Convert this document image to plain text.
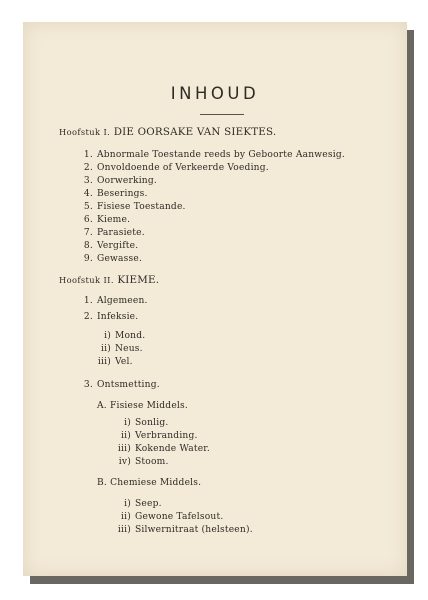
INHOUD
Hoofstuk I. DIE OORSAKE VAN SIEKTES.
1. Abnormale Toestande reeds by Geboorte Aanwesig.
2. Onvoldoende of Verkeerde Voeding.
3. Oorwerking.
4. Beserings.
5. Fisiese Toestande.
6. Kieme.
7. Parasiete.
8. Vergifte.
9. Gewasse.
Hoofstuk II. KIEME.
1. Algemeen.
2. Infeksie.
i) Mond.
ii) Neus.
iii) Vel.
3. Ontsmetting.
A. Fisiese Middels.
i) Sonlig.
ii) Verbranding.
iii) Kokende Water.
iv) Stoom.
B. Chemiese Middels.
i) Seep.
ii) Gewone Tafelsout.
iii) Silwernitraat (helsteen).
